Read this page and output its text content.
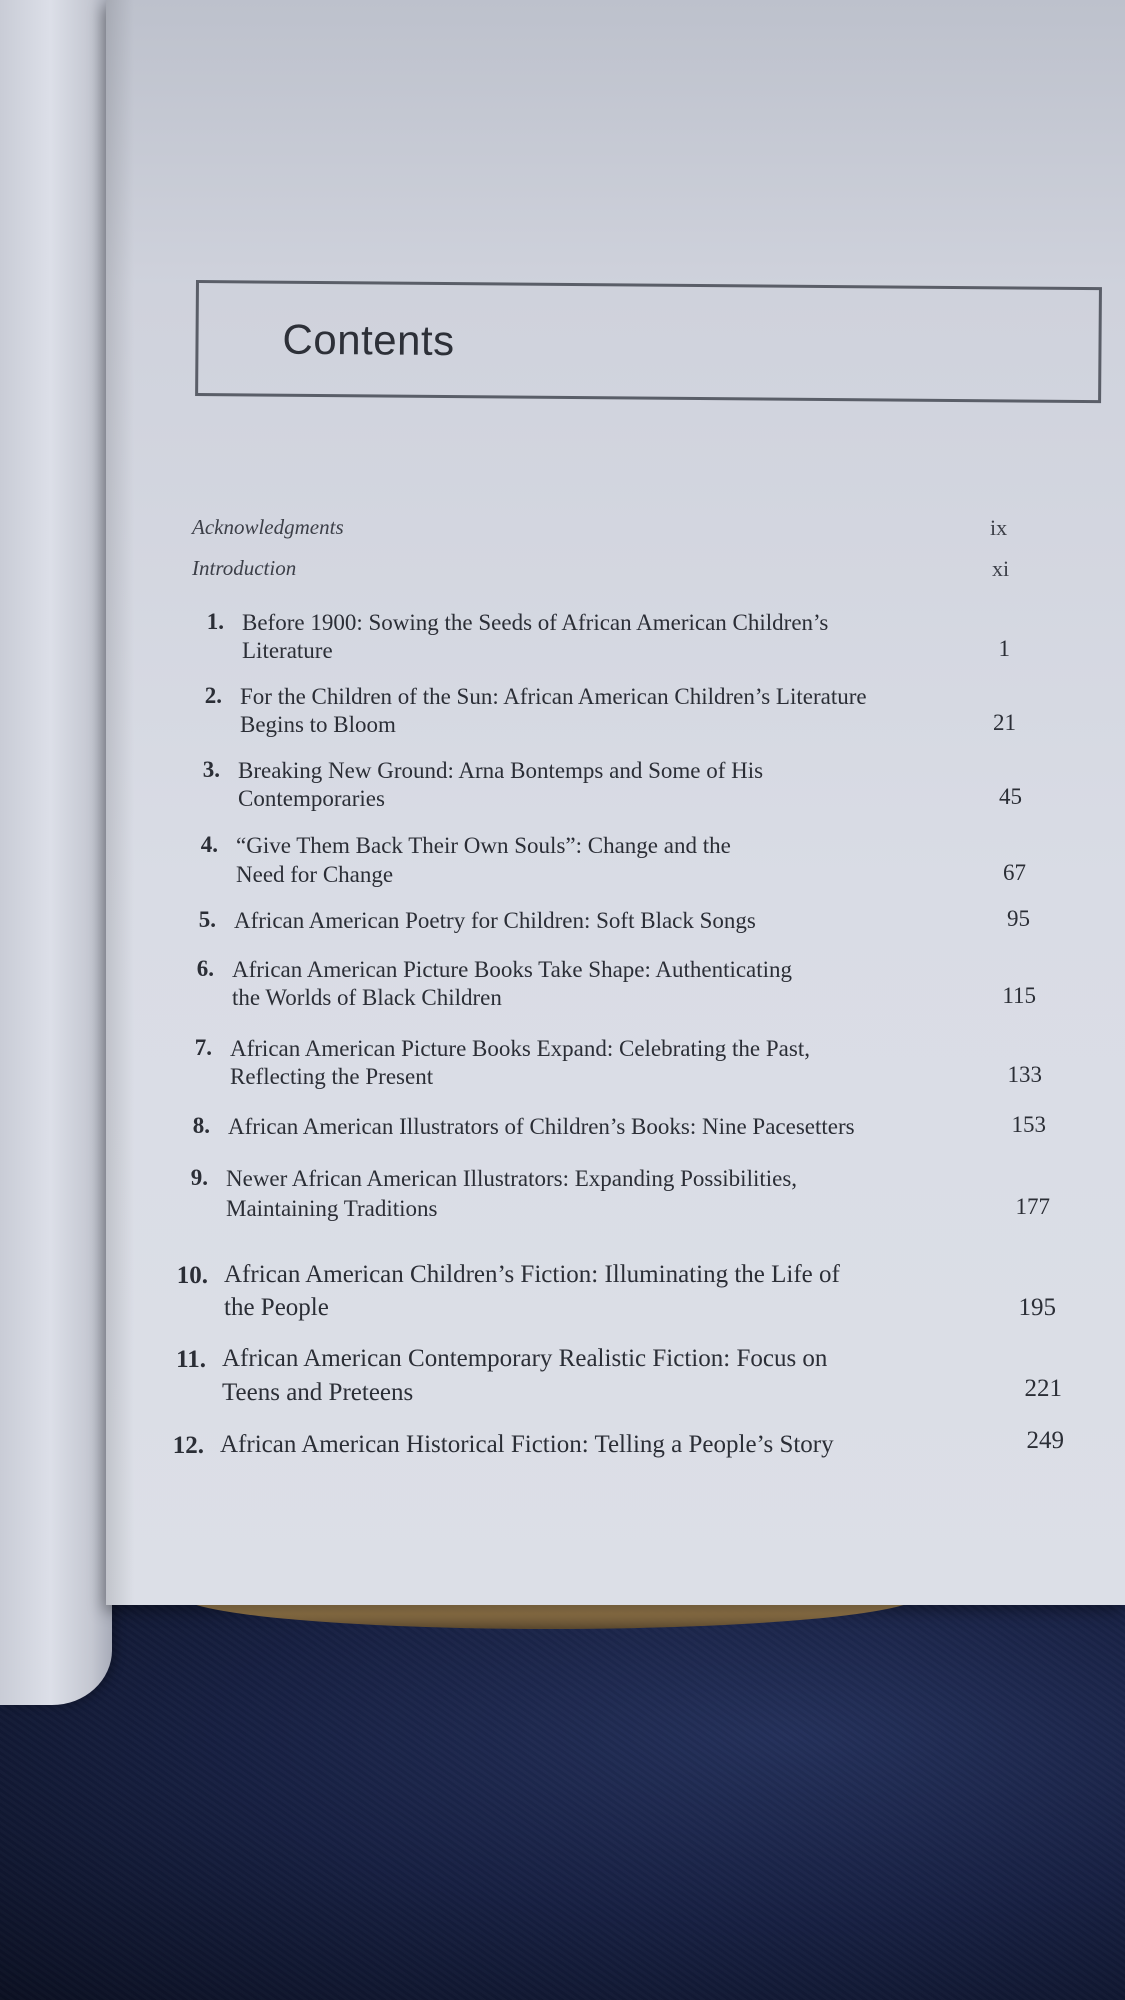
Contents
Acknowledgments	ix
Introduction	xi
1. Before 1900: Sowing the Seeds of African American Children’s
Literature	1
2. For the Children of the Sun: African American Children’s Literature
Begins to Bloom	21
3. Breaking New Ground: Arna Bontemps and Some of His
Contemporaries	45
4. “Give Them Back Their Own Souls”: Change and the
Need for Change	67
5. African American Poetry for Children: Soft Black Songs	95
6. African American Picture Books Take Shape: Authenticating
the Worlds of Black Children	115
7. African American Picture Books Expand: Celebrating the Past,
Reflecting the Present	133
8. African American Illustrators of Children’s Books: Nine Pacesetters	153
9. Newer African American Illustrators: Expanding Possibilities,
Maintaining Traditions	177
10. African American Children’s Fiction: Illuminating the Life of
the People	195
11. African American Contemporary Realistic Fiction: Focus on
Teens and Preteens	221
12. African American Historical Fiction: Telling a People’s Story	249
